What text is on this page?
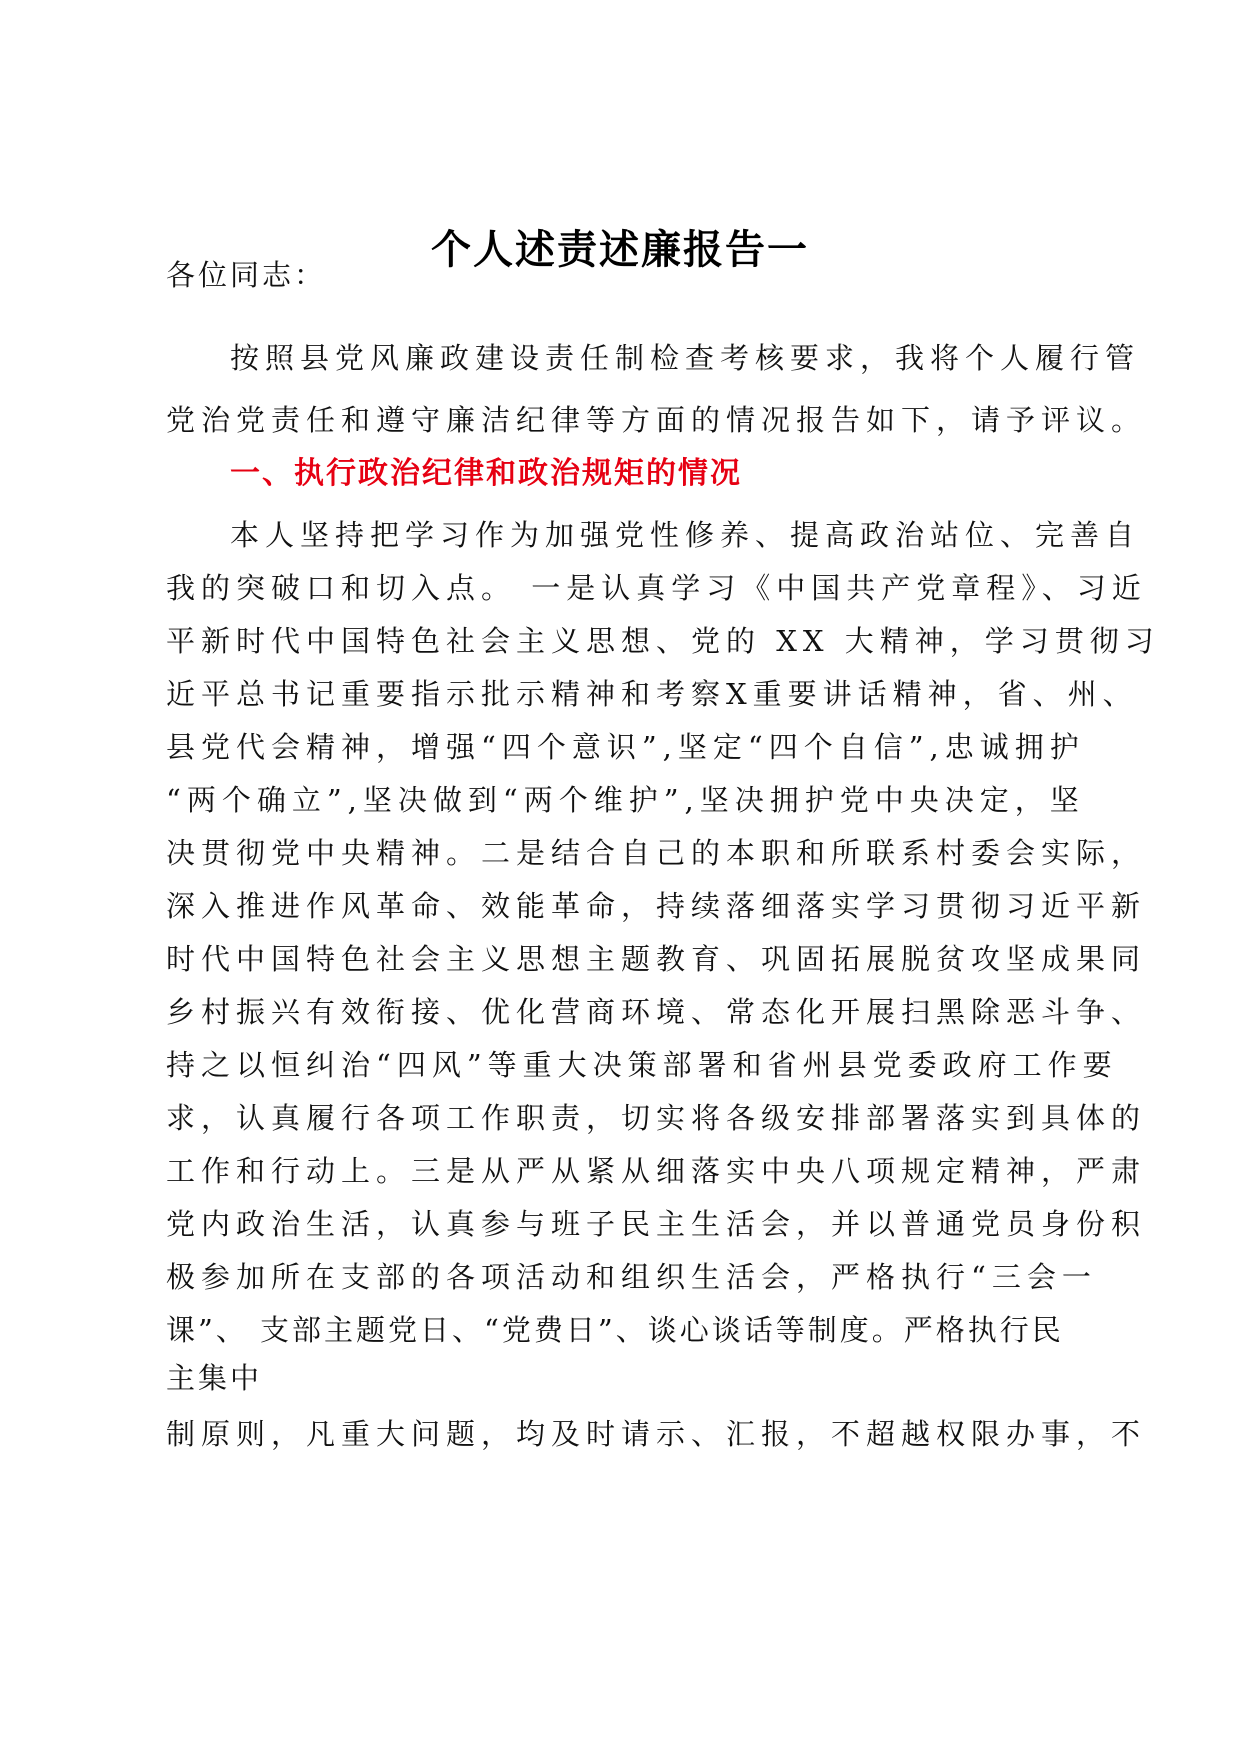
个人述责述廉报告一
各位同志：
按照县党风廉政建设责任制检查考核要求，我将个人履行管
党治党责任和遵守廉洁纪律等方面的情况报告如下，请予评议。
一、执行政治纪律和政治规矩的情况
本人坚持把学习作为加强党性修养、提高政治站位、完善自
我的突破口和切入点。 一是认真学习《中国共产党章程》、习近
平新时代中国特色社会主义思想、党的 XX 大精神，学习贯彻习
近平总书记重要指示批示精神和考察X重要讲话精神，省、州、
县党代会精神，增强“四个意识”,坚定“四个自信”,忠诚拥护
“两个确立”,坚决做到“两个维护”,坚决拥护党中央决定，坚
决贯彻党中央精神。二是结合自己的本职和所联系村委会实际，
深入推进作风革命、效能革命，持续落细落实学习贯彻习近平新
时代中国特色社会主义思想主题教育、巩固拓展脱贫攻坚成果同
乡村振兴有效衔接、优化营商环境、常态化开展扫黑除恶斗争、
持之以恒纠治“四风”等重大决策部署和省州县党委政府工作要
求，认真履行各项工作职责，切实将各级安排部署落实到具体的
工作和行动上。三是从严从紧从细落实中央八项规定精神，严肃
党内政治生活，认真参与班子民主生活会，并以普通党员身份积
极参加所在支部的各项活动和组织生活会，严格执行“三会一
课”、 支部主题党日、“党费日”、谈心谈话等制度。严格执行民
主集中
制原则，凡重大问题，均及时请示、汇报，不超越权限办事，不
